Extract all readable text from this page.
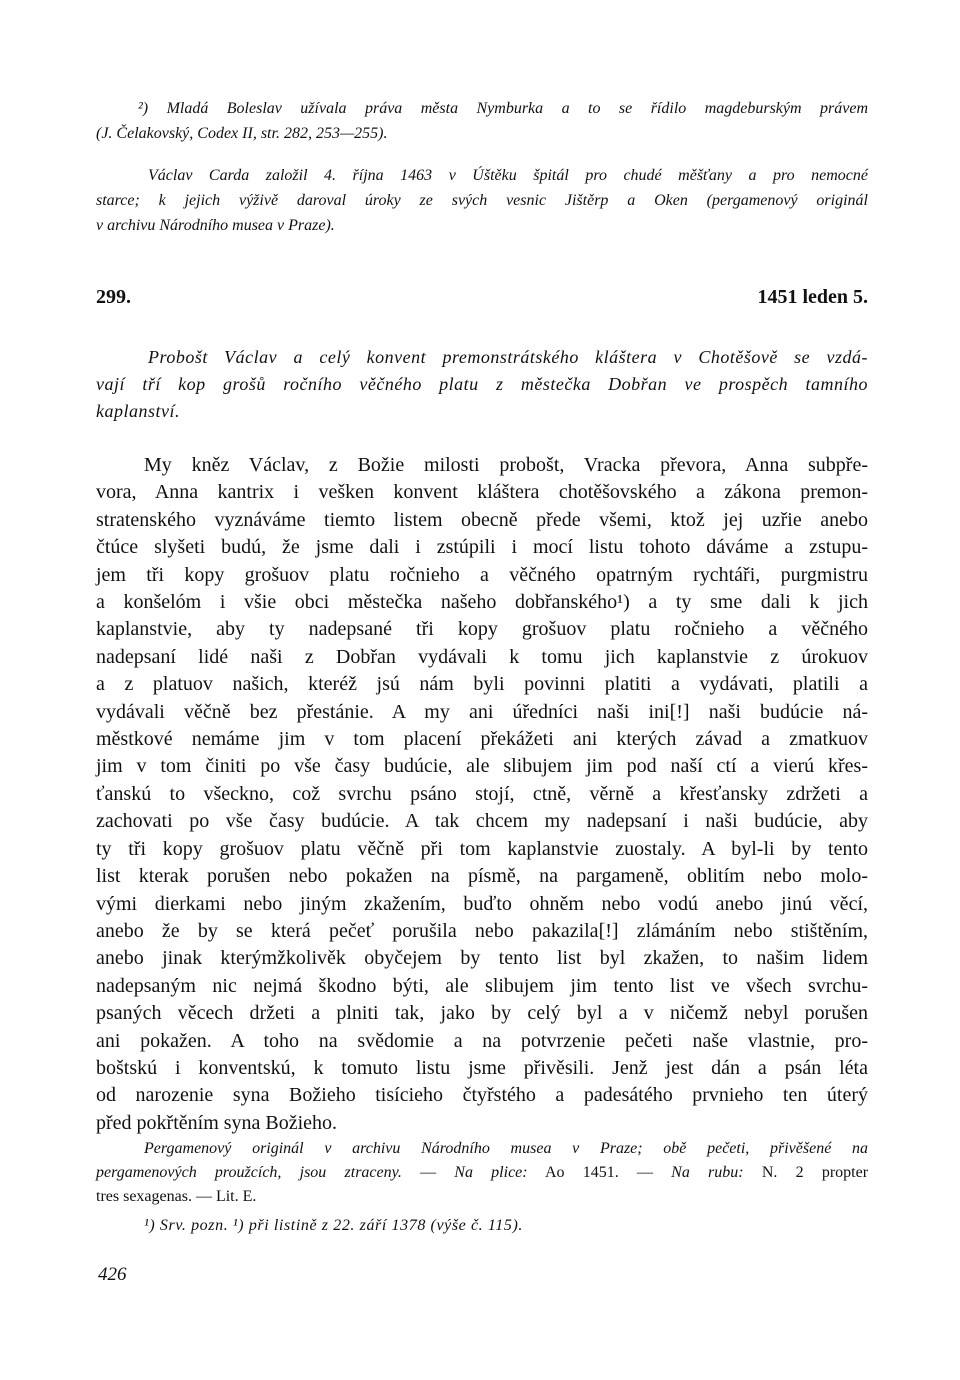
²) Mladá Boleslav užívala práva města Nymburka a to se řídilo magdeburským právem
(J. Čelakovský, Codex II, str. 282, 253—255).
Václav Carda založil 4. října 1463 v Úštěku špitál pro chudé měšťany a pro nemocné
starce; k jejich výživě daroval úroky ze svých vesnic Jištěrp a Oken (pergamenový originál
v archivu Národního musea v Praze).
299.	1451 leden 5.
Probošt Václav a celý konvent premonstrátského kláštera v Chotěšově se vzdá-
vají tří kop grošů ročního věčného platu z městečka Dobřan ve prospěch tamního
kaplanství.
My kněz Václav, z Božie milosti probošt, Vracka převora, Anna subpře-
vora, Anna kantrix i vešken konvent kláštera chotěšovského a zákona premon-
stratenského vyznáváme tiemto listem obecně přede všemi, ktož jej uzřie anebo
čtúce slyšeti budú, že jsme dali i zstúpili i mocí listu tohoto dáváme a zstupu-
jem tři kopy grošuov platu ročnieho a věčného opatrným rychtáři, purgmistru
a konšelóm i všie obci městečka našeho dobřanského¹) a ty sme dali k jich
kaplanstvie, aby ty nadepsané tři kopy grošuov platu ročnieho a věčného
nadepsaní lidé naši z Dobřan vydávali k tomu jich kaplanstvie z úrokuov
a z platuov našich, kteréž jsú nám byli povinni platiti a vydávati, platili a
vydávali věčně bez přestánie. A my ani úředníci naši ini[!] naši budúcie ná-
městkové nemáme jim v tom placení překážeti ani kterých závad a zmatkuov
jim v tom činiti po vše časy budúcie, ale slibujem jim pod naší ctí a vierú křes-
ťanskú to všeckno, což svrchu psáno stojí, ctně, věrně a křesťansky zdržeti a
zachovati po vše časy budúcie. A tak chcem my nadepsaní i naši budúcie, aby
ty tři kopy grošuov platu věčně při tom kaplanstvie zuostaly. A byl-li by tento
list kterak porušen nebo pokažen na písmě, na pargameně, oblitím nebo molo-
vými dierkami nebo jiným zkažením, buďto ohněm nebo vodú anebo jinú věcí,
anebo že by se která pečeť porušila nebo pakazila[!] zlámáním nebo stištěním,
anebo jinak kterýmžkolivěk obyčejem by tento list byl zkažen, to našim lidem
nadepsaným nic nejmá škodno býti, ale slibujem jim tento list ve všech svrchu-
psaných věcech držeti a plniti tak, jako by celý byl a v ničemž nebyl porušen
ani pokažen. A toho na svědomie a na potvrzenie pečeti naše vlastnie, pro-
boštskú i konventskú, k tomuto listu jsme přivěsili. Jenž jest dán a psán léta
od narozenie syna Božieho tisícieho čtyřstého a padesátého prvnieho ten úterý
před pokřtěním syna Božieho.
Pergamenový originál v archivu Národního musea v Praze; obě pečeti, přivěšené na
pergamenových proužcích, jsou ztraceny. — Na plice: Ao 1451. — Na rubu: N. 2 propter
tres sexagenas. — Lit. E.
¹) Srv. pozn. ¹) při listině z 22. září 1378 (výše č. 115).
426
